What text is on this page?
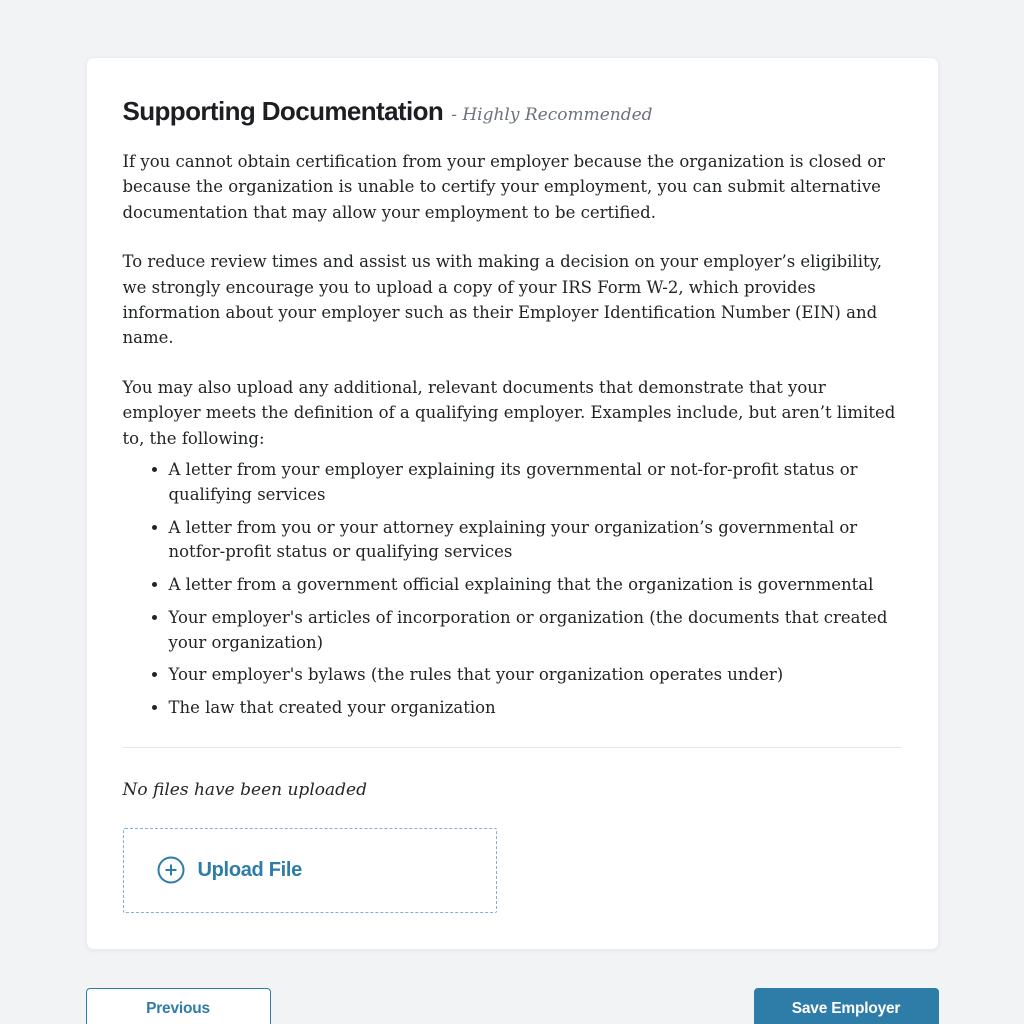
Supporting Documentation - Highly Recommended

If you cannot obtain certification from your employer because the organization is closed or because the organization is unable to certify your employment, you can submit alternative documentation that may allow your employment to be certified.

To reduce review times and assist us with making a decision on your employer’s eligibility, we strongly encourage you to upload a copy of your IRS Form W-2, which provides information about your employer such as their Employer Identification Number (EIN) and name.

You may also upload any additional, relevant documents that demonstrate that your employer meets the definition of a qualifying employer. Examples include, but aren’t limited to, the following:

• A letter from your employer explaining its governmental or not-for-profit status or qualifying services
• A letter from you or your attorney explaining your organization’s governmental or notfor-profit status or qualifying services
• A letter from a government official explaining that the organization is governmental
• Your employer's articles of incorporation or organization (the documents that created your organization)
• Your employer's bylaws (the rules that your organization operates under)
• The law that created your organization

No files have been uploaded

Upload File
Previous	Save Employer
